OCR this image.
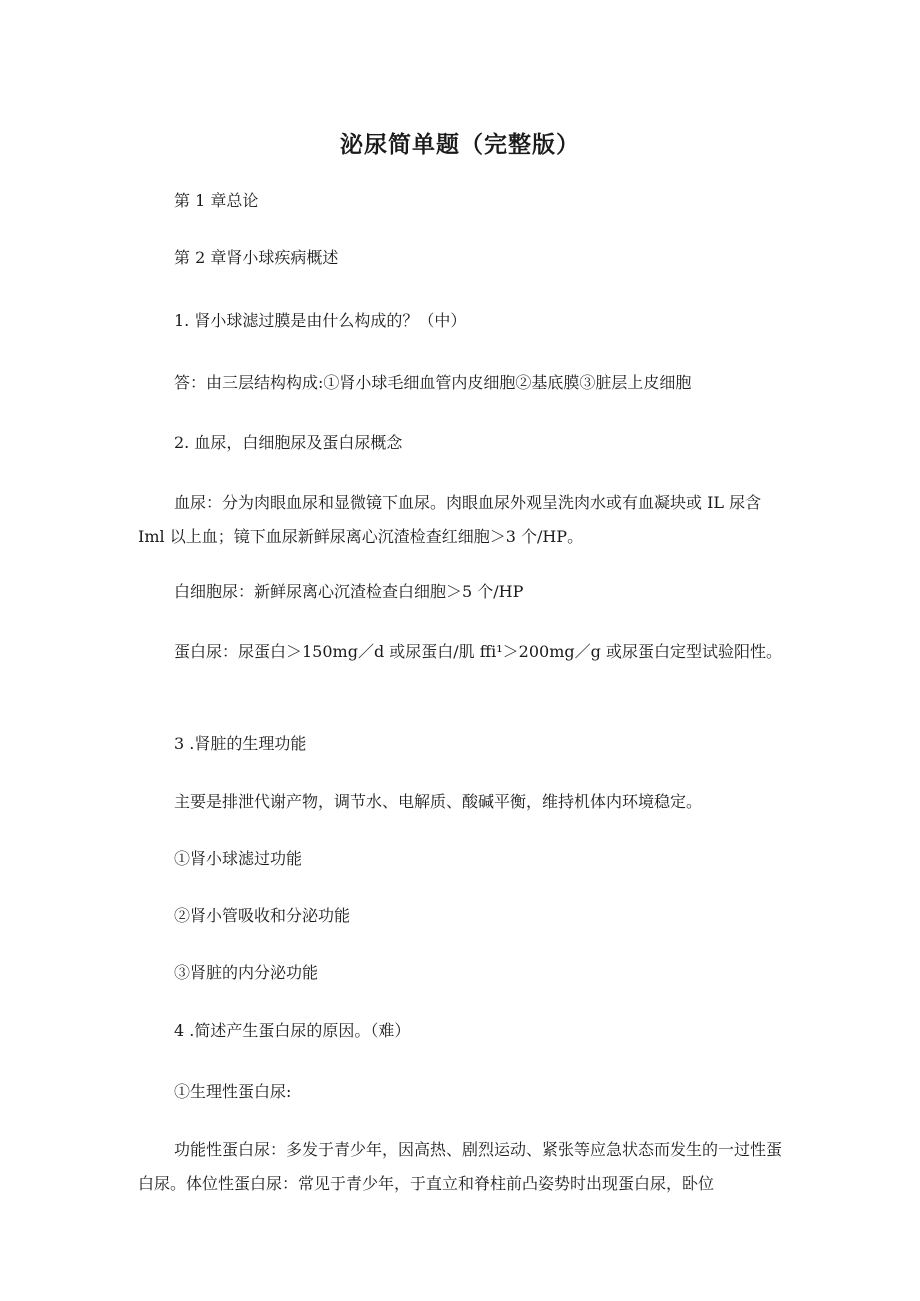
泌尿简单题（完整版）

第 1 章总论

第 2 章肾小球疾病概述

1. 肾小球滤过膜是由什么构成的？（中）

答：由三层结构构成:①肾小球毛细血管内皮细胞②基底膜③脏层上皮细胞

2. 血尿，白细胞尿及蛋白尿概念

血尿：分为肉眼血尿和显微镜下血尿。肉眼血尿外观呈洗肉水或有血凝块或 IL 尿含 Iml 以上血；镜下血尿新鲜尿离心沉渣检查红细胞＞3 个/HP。

白细胞尿：新鲜尿离心沉渣检查白细胞＞5 个/HP

蛋白尿：尿蛋白＞150mg／d 或尿蛋白/肌 ffi¹＞200mg／g 或尿蛋白定型试验阳性。

3 .肾脏的生理功能

主要是排泄代谢产物，调节水、电解质、酸碱平衡，维持机体内环境稳定。

①肾小球滤过功能

②肾小管吸收和分泌功能

③肾脏的内分泌功能

4 .简述产生蛋白尿的原因。（难）

①生理性蛋白尿:

功能性蛋白尿：多发于青少年，因高热、剧烈运动、紧张等应急状态而发生的一过性蛋白尿。体位性蛋白尿：常见于青少年，于直立和脊柱前凸姿势时出现蛋白尿，卧位
